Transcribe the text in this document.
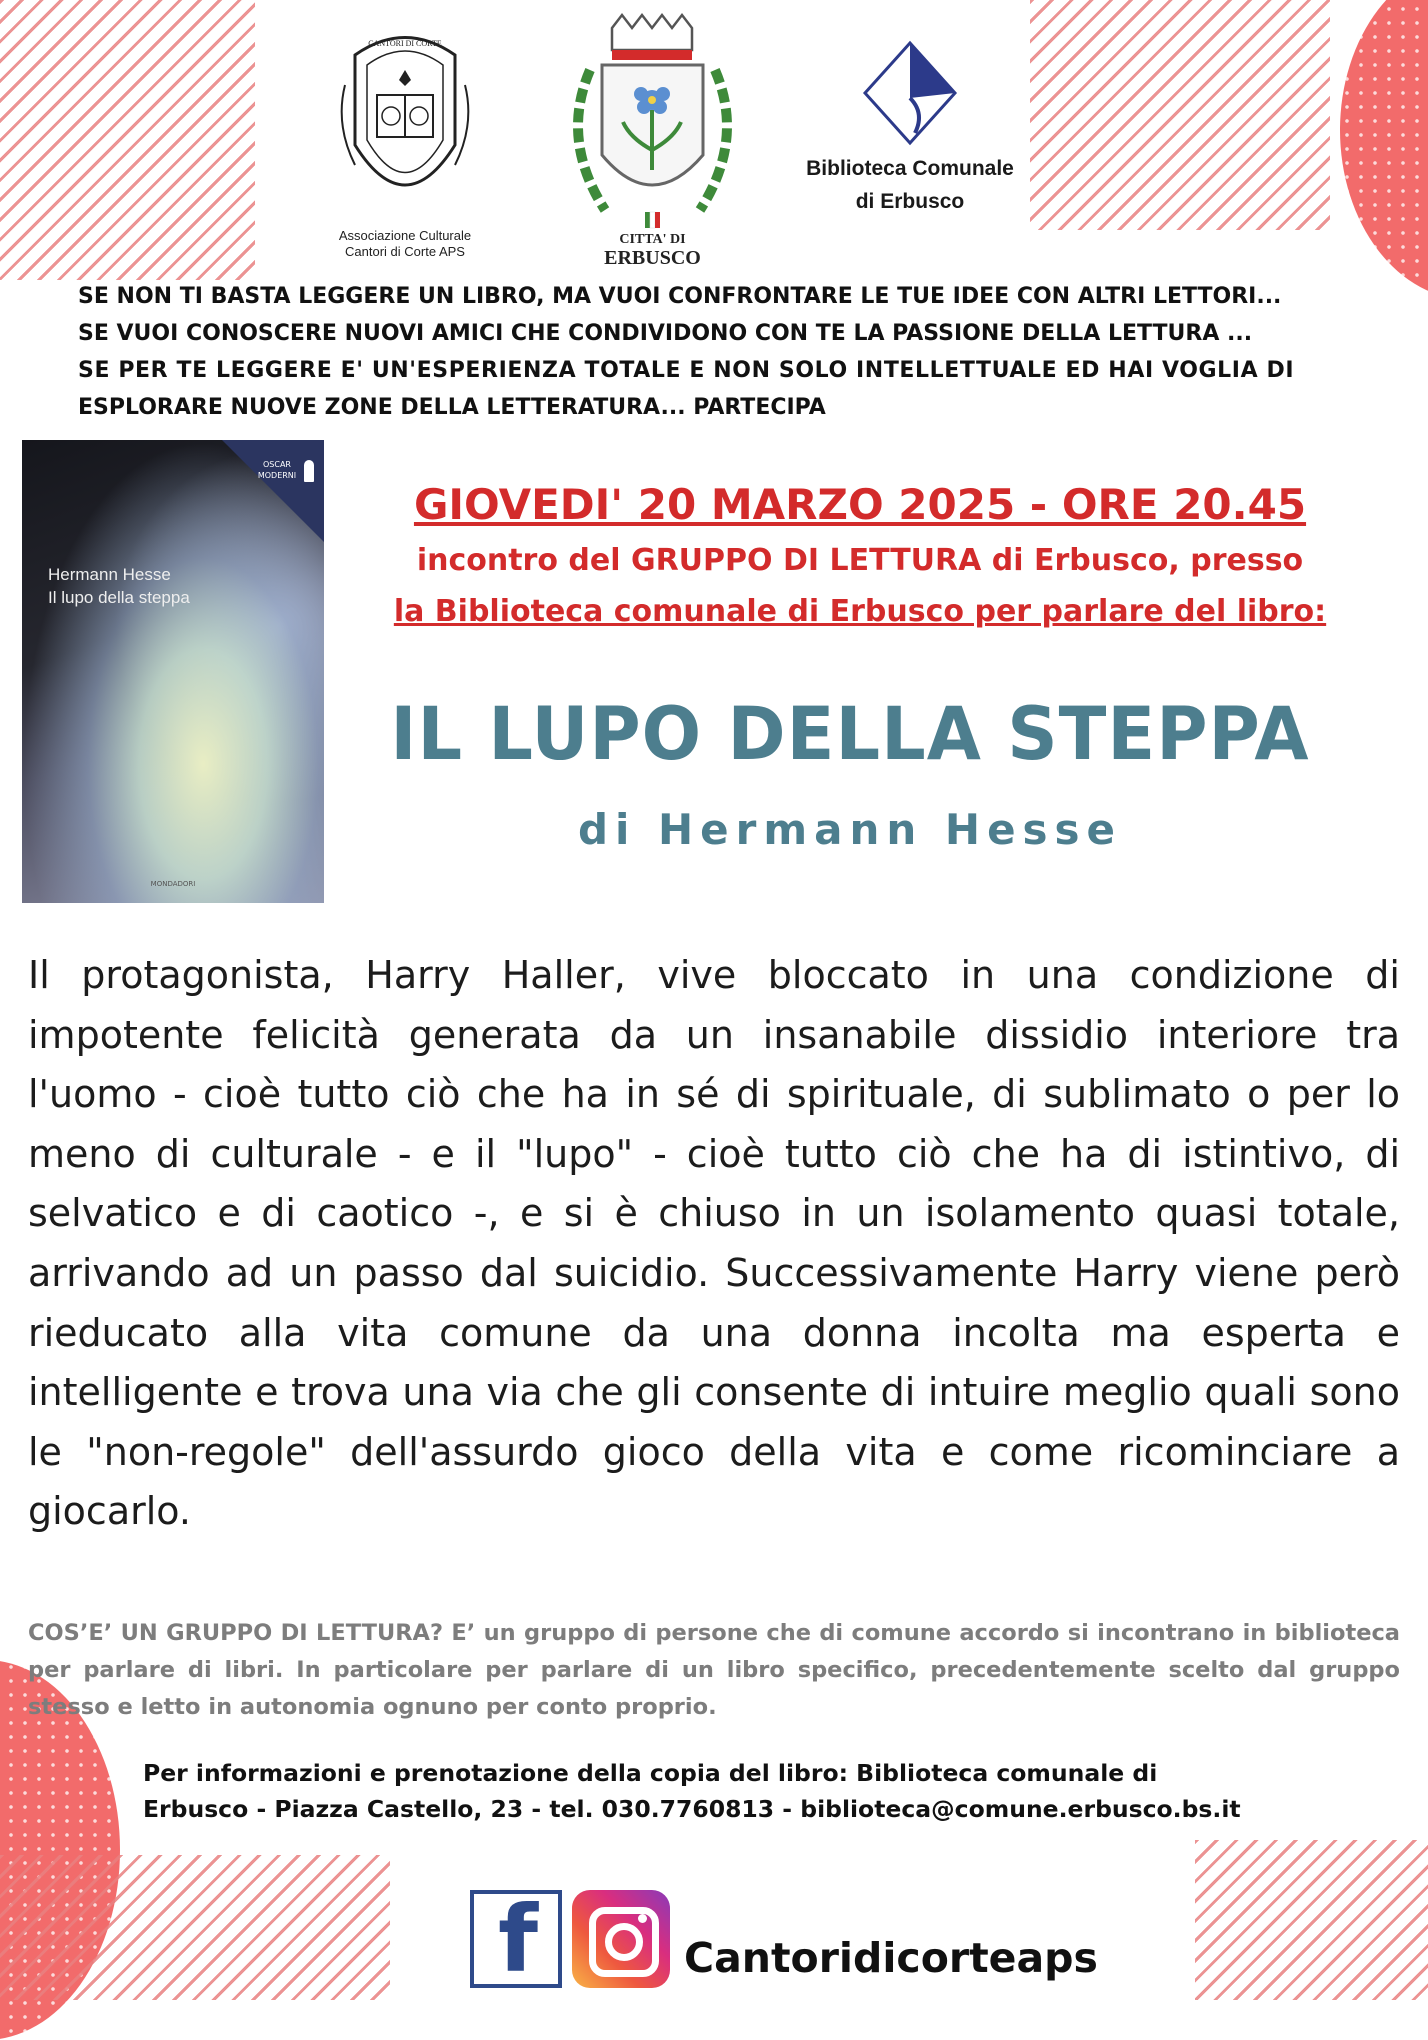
CANTORI DI CORTE
Associazione Culturale
Cantori di Corte APS
CITTA' DI
ERBUSCO
Biblioteca Comunale
di Erbusco
SE NON TI BASTA LEGGERE UN LIBRO, MA VUOI CONFRONTARE LE TUE IDEE CON ALTRI LETTORI...
SE VUOI CONOSCERE NUOVI AMICI CHE CONDIVIDONO CON TE LA PASSIONE DELLA LETTURA ...
SE PER TE LEGGERE E' UN'ESPERIENZA TOTALE E NON SOLO INTELLETTUALE ED HAI VOGLIA DI
ESPLORARE NUOVE ZONE DELLA LETTERATURA... PARTECIPA
OSCAR
MODERNI
Hermann Hesse
Il lupo della steppa
MONDADORI
GIOVEDI' 20 MARZO 2025 - ORE 20.45
incontro del GRUPPO DI LETTURA di Erbusco, presso
la Biblioteca comunale di Erbusco per parlare del libro:
IL LUPO DELLA STEPPA
di Hermann Hesse
Il protagonista, Harry Haller, vive bloccato in una condizione di impotente felicità generata da un insanabile dissidio interiore tra l'uomo - cioè tutto ciò che ha in sé di spirituale, di sublimato o per lo meno di culturale - e il "lupo" - cioè tutto ciò che ha di istintivo, di selvatico e di caotico -, e si è chiuso in un isolamento quasi totale, arrivando ad un passo dal suicidio. Successivamente Harry viene però rieducato alla vita comune da una donna incolta ma esperta e intelligente e trova una via che gli consente di intuire meglio quali sono le "non-regole" dell'assurdo gioco della vita e come ricominciare a giocarlo.
COS’E’ UN GRUPPO DI LETTURA? E’ un gruppo di persone che di comune accordo si incontrano in biblioteca per parlare di libri. In particolare per parlare di un libro specifico, precedentemente scelto dal gruppo stesso e letto in autonomia ognuno per conto proprio.
Per informazioni e prenotazione della copia del libro: Biblioteca comunale di
Erbusco - Piazza Castello, 23 - tel. 030.7760813 - biblioteca@comune.erbusco.bs.it
f	Cantoridicorteaps
